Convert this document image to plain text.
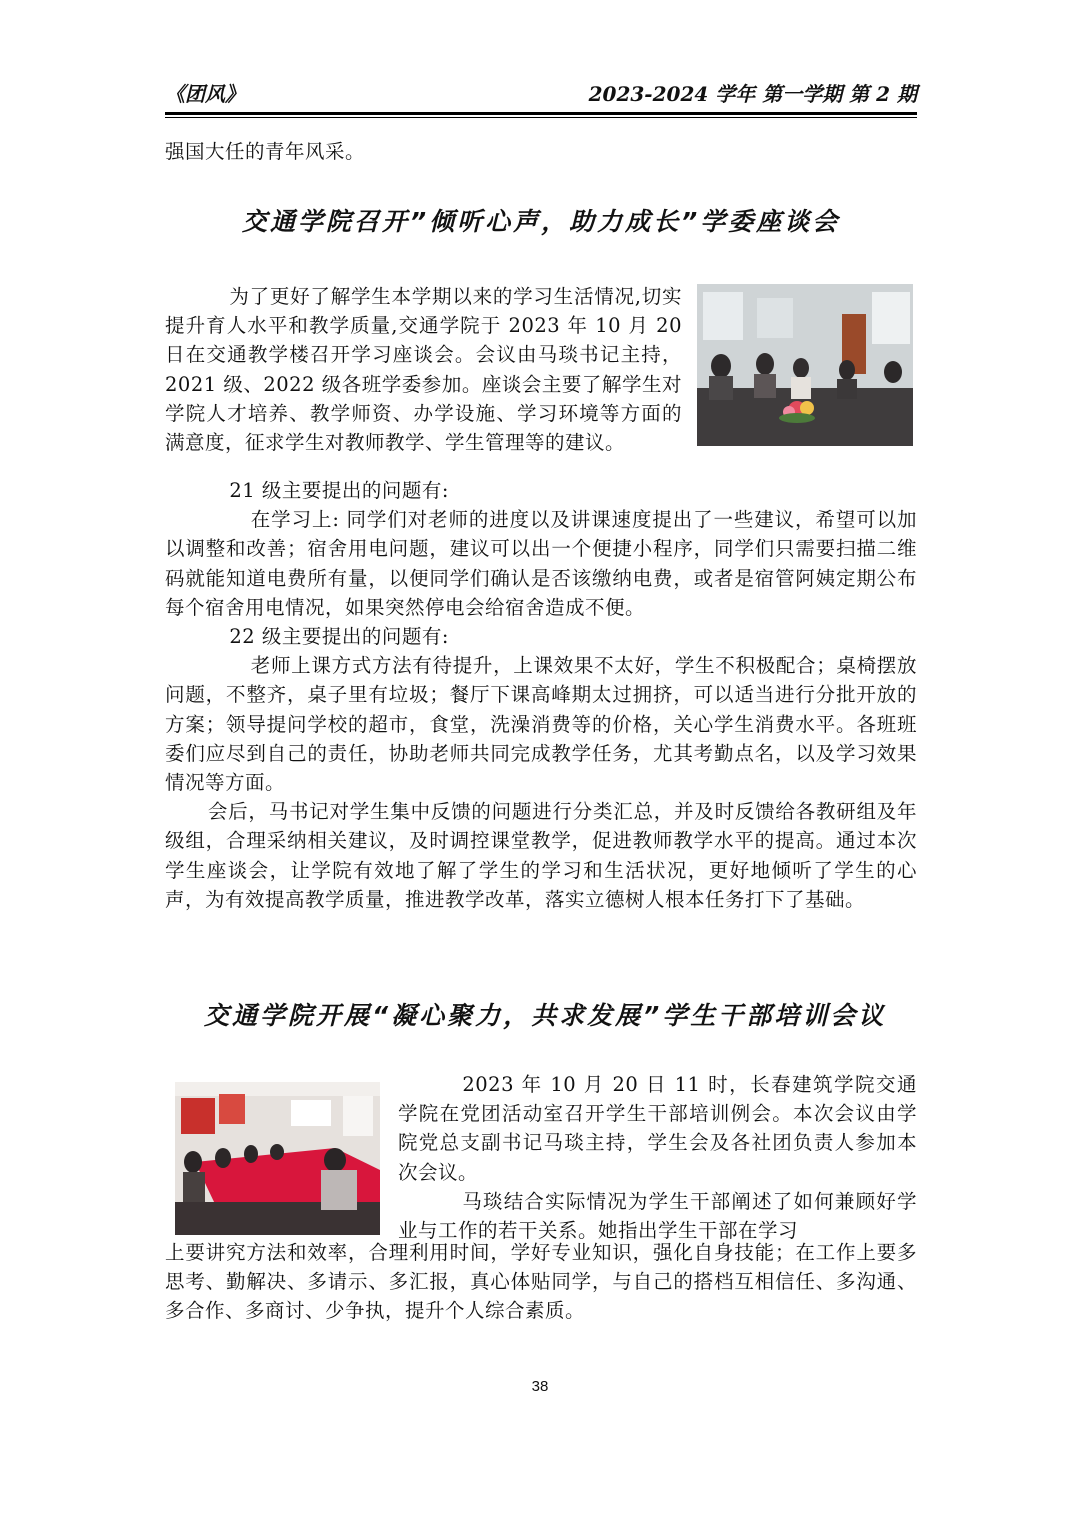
《团风》	2023-2024 学年 第一学期 第 2 期
强国大任的青年风采。
交通学院召开”倾听心声，助力成长”学委座谈会

为了更好了解学生本学期以来的学习生活情况,切实提升育人水平和教学质量,交通学院于 2023 年 10 月 20 日在交通教学楼召开学习座谈会。会议由马琰书记主持，2021 级、2022 级各班学委参加。座谈会主要了解学生对学院人才培养、教学师资、办学设施、学习环境等方面的满意度，征求学生对教师教学、学生管理等的建议。

21 级主要提出的问题有:

在学习上: 同学们对老师的进度以及讲课速度提出了一些建议，希望可以加以调整和改善；宿舍用电问题，建议可以出一个便捷小程序，同学们只需要扫描二维码就能知道电费所有量，以便同学们确认是否该缴纳电费，或者是宿管阿姨定期公布每个宿舍用电情况，如果突然停电会给宿舍造成不便。

22 级主要提出的问题有:

老师上课方式方法有待提升，上课效果不太好，学生不积极配合；桌椅摆放问题，不整齐，桌子里有垃圾；餐厅下课高峰期太过拥挤，可以适当进行分批开放的方案；领导提问学校的超市，食堂，洗澡消费等的价格，关心学生消费水平。各班班委们应尽到自己的责任，协助老师共同完成教学任务，尤其考勤点名，以及学习效果情况等方面。

会后，马书记对学生集中反馈的问题进行分类汇总，并及时反馈给各教研组及年级组，合理采纳相关建议，及时调控课堂教学，促进教师教学水平的提高。通过本次学生座谈会，让学院有效地了解了学生的学习和生活状况，更好地倾听了学生的心声，为有效提高教学质量，推进教学改革，落实立德树人根本任务打下了基础。

交通学院开展“凝心聚力，共求发展”学生干部培训会议

2023 年 10 月 20 日 11 时，长春建筑学院交通学院在党团活动室召开学生干部培训例会。本次会议由学院党总支副书记马琰主持，学生会及各社团负责人参加本次会议。

马琰结合实际情况为学生干部阐述了如何兼顾好学业与工作的若干关系。她指出学生干部在学习

上要讲究方法和效率，合理利用时间，学好专业知识，强化自身技能；在工作上要多思考、勤解决、多请示、多汇报，真心体贴同学，与自己的搭档互相信任、多沟通、多合作、多商讨、少争执，提升个人综合素质。

38
